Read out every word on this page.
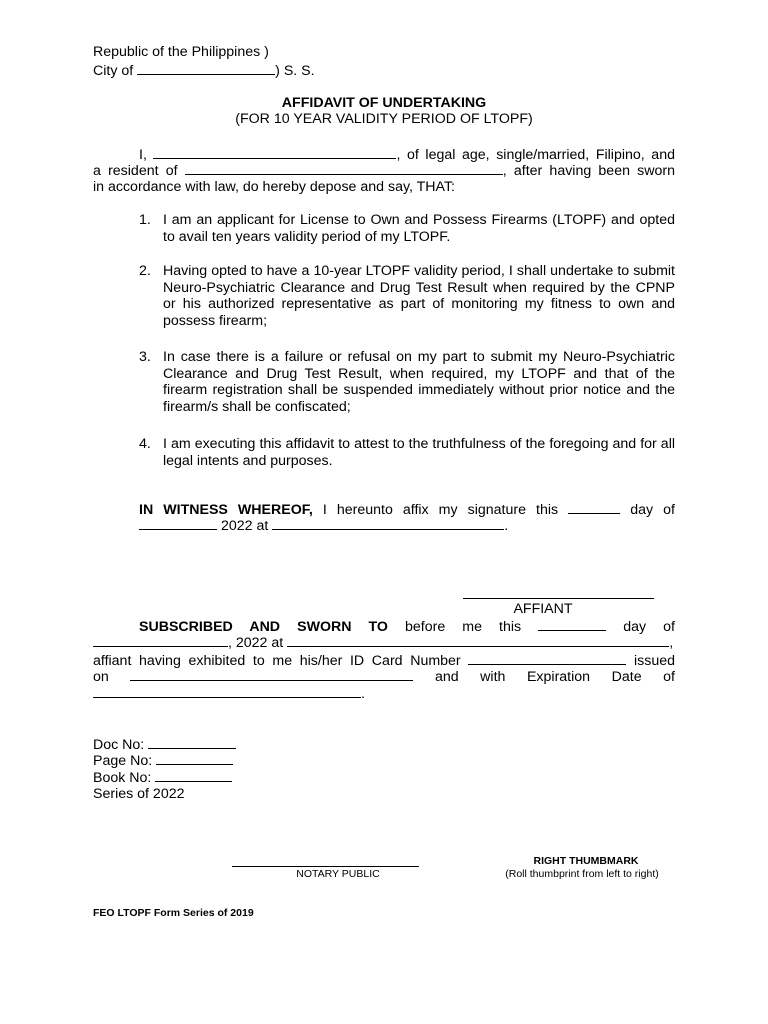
Republic of the Philippines )
City of	) S. S.
AFFIDAVIT OF UNDERTAKING
(FOR 10 YEAR VALIDITY PERIOD OF LTOPF)
I,	, of legal age, single/married, Filipino, and
a resident of	, after having been sworn
in accordance with law, do hereby depose and say, THAT:
1. I am an applicant for License to Own and Possess Firearms (LTOPF) and opted to avail ten years validity period of my LTOPF.
2. Having opted to have a 10-year LTOPF validity period, I shall undertake to submit Neuro-Psychiatric Clearance and Drug Test Result when required by the CPNP or his authorized representative as part of monitoring my fitness to own and possess firearm;
3. In case there is a failure or refusal on my part to submit my Neuro-Psychiatric Clearance and Drug Test Result, when required, my LTOPF and that of the firearm registration shall be suspended immediately without prior notice and the firearm/s shall be confiscated;
4. I am executing this affidavit to attest to the truthfulness of the foregoing and for all legal intents and purposes.
IN WITNESS WHEREOF, I hereunto affix my signature this	day of
2022 at	.
AFFIANT
SUBSCRIBED AND SWORN TO before me this	day of
, 2022 at	,
affiant having exhibited to me his/her ID Card Number	issued
on	and with Expiration Date of
.
Doc No:
Page No:
Book No:
Series of 2022
NOTARY PUBLIC
RIGHT THUMBMARK
(Roll thumbprint from left to right)
FEO LTOPF Form Series of 2019
